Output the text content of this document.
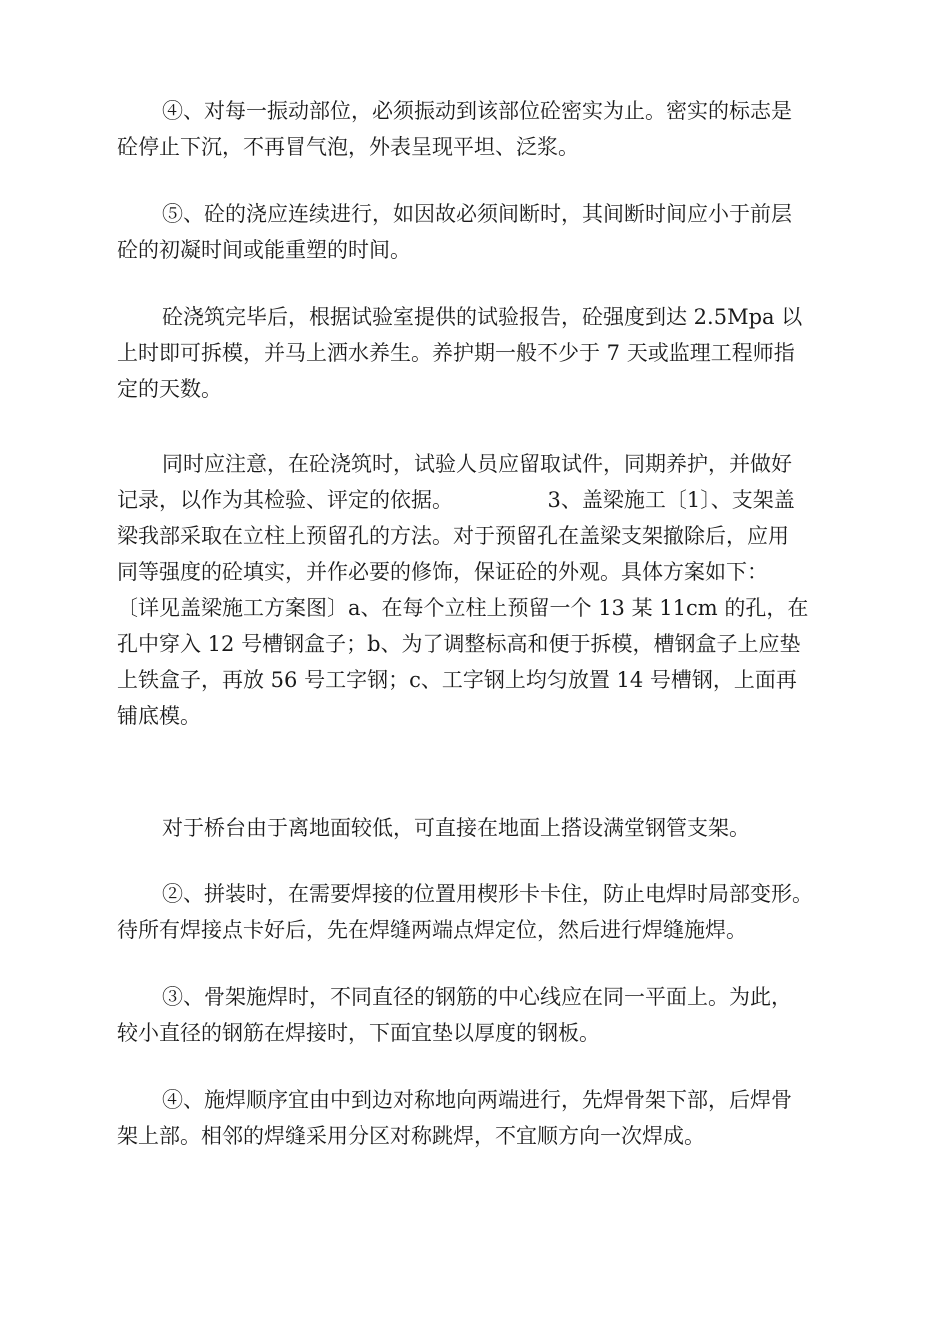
④、对每一振动部位，必须振动到该部位砼密实为止。密实的标志是
砼停止下沉，不再冒气泡，外表呈现平坦、泛浆。

⑤、砼的浇应连续进行，如因故必须间断时，其间断时间应小于前层
砼的初凝时间或能重塑的时间。

砼浇筑完毕后，根据试验室提供的试验报告，砼强度到达 2.5Mpa 以
上时即可拆模，并马上洒水养生。养护期一般不少于 7 天或监理工程师指
定的天数。

同时应注意，在砼浇筑时，试验人员应留取试件，同期养护，并做好
记录，以作为其检验、评定的依据。　　　　　3、盖梁施工〔1〕、支架盖
梁我部采取在立柱上预留孔的方法。对于预留孔在盖梁支架撤除后，应用
同等强度的砼填实，并作必要的修饰，保证砼的外观。具体方案如下：
〔详见盖梁施工方案图〕a、在每个立柱上预留一个 13 某 11cm 的孔，在
孔中穿入 12 号槽钢盒子；b、为了调整标高和便于拆模，槽钢盒子上应垫
上铁盒子，再放 56 号工字钢；c、工字钢上均匀放置 14 号槽钢，上面再
铺底模。

对于桥台由于离地面较低，可直接在地面上搭设满堂钢管支架。

②、拼装时，在需要焊接的位置用楔形卡卡住，防止电焊时局部变形。
待所有焊接点卡好后，先在焊缝两端点焊定位，然后进行焊缝施焊。

③、骨架施焊时，不同直径的钢筋的中心线应在同一平面上。为此，
较小直径的钢筋在焊接时，下面宜垫以厚度的钢板。

④、施焊顺序宜由中到边对称地向两端进行，先焊骨架下部，后焊骨
架上部。相邻的焊缝采用分区对称跳焊，不宜顺方向一次焊成。
